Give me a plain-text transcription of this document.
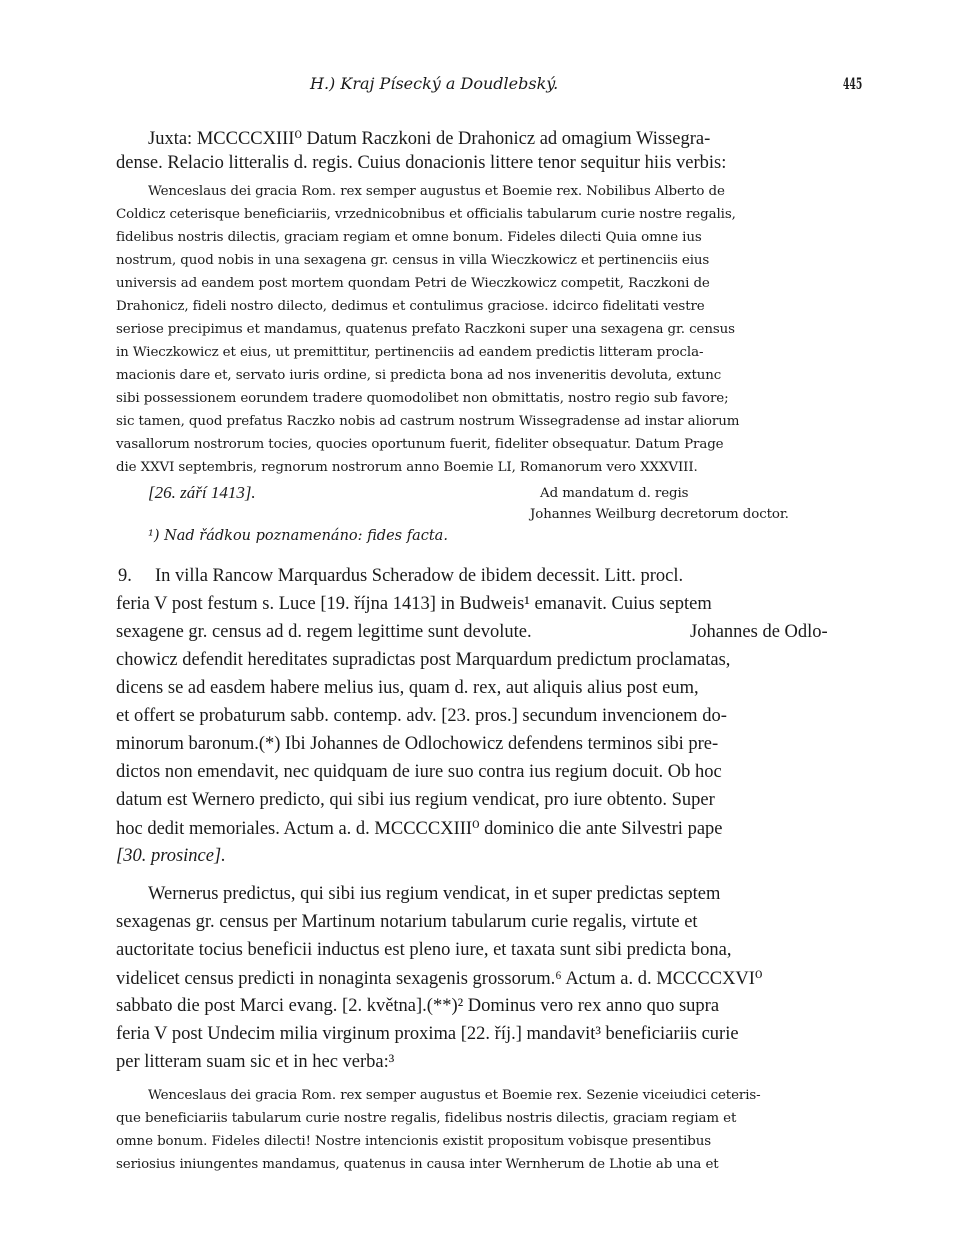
H.) Kraj Písecký a Doudlebský.	445
Juxta: MCCCCXIII⁰ Datum Raczkoni de Drahonicz ad omagium Wissegra-
dense. Relacio litteralis d. regis. Cuius donacionis littere tenor sequitur hiis verbis:
Wenceslaus dei gracia Rom. rex semper augustus et Boemie rex. Nobilibus Alberto de
Coldicz ceterisque beneficiariis, vrzednicobnibus et officialis tabularum curie nostre regalis,
fidelibus nostris dilectis, graciam regiam et omne bonum. Fideles dilecti Quia omne ius
nostrum, quod nobis in una sexagena gr. census in villa Wieczkowicz et pertinenciis eius
universis ad eandem post mortem quondam Petri de Wieczkowicz competit, Raczkoni de
Drahonicz, fideli nostro dilecto, dedimus et contulimus graciose. idcirco fidelitati vestre
seriose precipimus et mandamus, quatenus prefato Raczkoni super una sexagena gr. census
in Wieczkowicz et eius, ut premittitur, pertinenciis ad eandem predictis litteram procla-
macionis dare et, servato iuris ordine, si predicta bona ad nos inveneritis devoluta, extunc
sibi possessionem eorundem tradere quomodolibet non obmittatis, nostro regio sub favore;
sic tamen, quod prefatus Raczko nobis ad castrum nostrum Wissegradense ad instar aliorum
vasallorum nostrorum tocies, quocies oportunum fuerit, fideliter obsequatur. Datum Prage
die XXVI septembris, regnorum nostrorum anno Boemie LI, Romanorum vero XXXVIII.
[26. září 1413].	Ad mandatum d. regis
Johannes Weilburg decretorum doctor.
¹) Nad řádkou poznamenáno: fides facta.
9. In villa Rancow Marquardus Scheradow de ibidem decessit. Litt. procl.
feria V post festum s. Luce [19. října 1413] in Budweis¹ emanavit. Cuius septem
sexagene gr. census ad d. regem legittime sunt devolute.	Johannes de Odlo-
chowicz defendit hereditates supradictas post Marquardum predictum proclamatas,
dicens se ad easdem habere melius ius, quam d. rex, aut aliquis alius post eum,
et offert se probaturum sabb. contemp. adv. [23. pros.] secundum invencionem do-
minorum baronum.(*) Ibi Johannes de Odlochowicz defendens terminos sibi pre-
dictos non emendavit, nec quidquam de iure suo contra ius regium docuit. Ob hoc
datum est Wernero predicto, qui sibi ius regium vendicat, pro iure obtento. Super
hoc dedit memoriales. Actum a. d. MCCCCXIII⁰ dominico die ante Silvestri pape
[30. prosince].
Wernerus predictus, qui sibi ius regium vendicat, in et super predictas septem
sexagenas gr. census per Martinum notarium tabularum curie regalis, virtute et
auctoritate tocius beneficii inductus est pleno iure, et taxata sunt sibi predicta bona,
videlicet census predicti in nonaginta sexagenis grossorum.⁶ Actum a. d. MCCCCXVI⁰
sabbato die post Marci evang. [2. května].(**)² Dominus vero rex anno quo supra
feria V post Undecim milia virginum proxima [22. říj.] mandavit³ beneficiariis curie
per litteram suam sic et in hec verba:³
Wenceslaus dei gracia Rom. rex semper augustus et Boemie rex. Sezenie viceiudici ceteris-
que beneficiariis tabularum curie nostre regalis, fidelibus nostris dilectis, graciam regiam et
omne bonum. Fideles dilecti! Nostre intencionis existit propositum vobisque presentibus
seriosius iniungentes mandamus, quatenus in causa inter Wernherum de Lhotie ab una et
